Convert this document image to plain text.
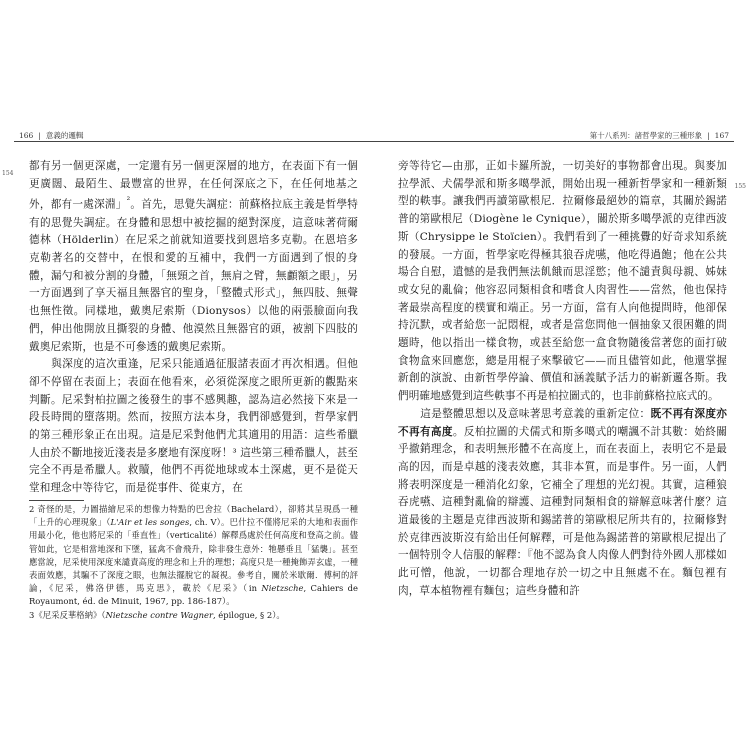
166 | 意義的邏輯
154

都有另一個更深處，一定還有另一個更深層的地方，在表面下有一個更廣闊、最陌生、最豐富的世界，在任何深底之下，在任何地基之外，都有一處深淵」$^{^2}$。首先，思覺失調症：前蘇格拉底主義是哲學特有的思覺失調症。在身體和思想中被挖掘的絕對深度，這意味著荷爾德林（Hölderlin）在尼采之前就知道要找到恩培多克勒。在恩培多克勒著名的交替中，在恨和愛的互補中，我們一方面遇到了恨的身體，漏勺和被分割的身體，「無頸之首，無肩之臂，無顱額之眼」，另一方面遇到了享天福且無器官的聖身，「整體式形式」，無四肢、無聲也無性徵。同樣地，戴奧尼索斯（Dionysos）以他的兩張臉面向我們，伸出他開放且撕裂的身體、他漠然且無器官的頭，被割下四肢的戴奧尼索斯，也是不可參透的戴奧尼索斯。

與深度的這次重逢，尼采只能通過征服諸表面才再次相遇。但他卻不停留在表面上；表面在他看來，必須從深度之眼所更新的觀點來判斷。尼采對柏拉圖之後發生的事不感興趣，認為這必然接下來是一段長時間的墮落期。然而，按照方法本身，我們卻感覺到，哲學家們的第三種形象正在出現。這是尼采對他們尤其適用的用語：這些希臘人由於不斷地接近淺表是多麼地有深度呀！³ 這些第三種希臘人，甚至完全不再是希臘人。救贖，他們不再從地球或本土深處，更不是從天堂和理念中等待它，而是從事件、從東方，在

2 奇怪的是，力圖描繪尼采的想像力特點的巴舍拉（Bachelard），卻將其呈現爲一種「上升的心理現象」（L'Air et les songes, ch. V）。巴什拉不僅將尼采的大地和表面作用最小化，他也將尼采的「垂直性」（verticalité）解釋爲處於任何高度和登高之前。儘管如此，它是相當地深和下墜，猛禽不會飛升，除非發生意外：牠懸垂且「猛襲」。甚至應當說，尼采使用深度來譴責高度的理念和上升的理想；高度只是一種掩飾弄玄虛，一種表面效應，其騙不了深度之眼，也無法擺脫它的凝視。參考自，關於米歇爾．傅柯的評論，《尼采，佛洛伊德，馬克思》，載於《尼采》（in Nietzsche, Cahiers de Royaumont, éd. de Minuit, 1967, pp. 186-187）。

3《尼采反華格納》（Nietzsche contre Wagner, épilogue, § 2）。

第十八系列：諸哲學家的三種形象 | 167
155

旁等待它—由那，正如卡羅所說，一切美好的事物都會出現。與麥加拉學派、犬儒學派和斯多噶學派，開始出現一種新哲學家和一種新類型的軼事。讓我們再讀第歐根尼．拉爾修最絕妙的篇章，其關於錫諾普的第歐根尼（Diogène le Cynique），關於斯多噶學派的克律西波斯（Chrysippe le Stoïcien）。我們看到了一種挑釁的好奇求知系統的發展。一方面，哲學家吃得極其狼吞虎嚥，他吃得過飽；他在公共場合自慰，遺憾的是我們無法飢餓而思淫慾；他不譴責與母親、姊妹或女兒的亂倫；他容忍同類相食和嗜食人肉習性——當然，他也保持著最崇高程度的樸實和端正。另一方面，當有人向他提問時，他卻保持沉默，或者給您一記悶棍，或者是當您問他一個抽象又很困難的問題時，他以指出一樣食物，或甚至給您一盒食物隨後當著您的面打破食物盒來回應您，總是用棍子來擊破它——而且儘管如此，他還掌握新創的演說、由新哲學停論、價值和涵義賦予活力的嶄新邏各斯。我們明確地感覺到這些軼事不再是柏拉圖式的，也非前蘇格拉底式的。

這是整體思想以及意味著思考意義的重新定位：既不再有深度亦不再有高度。反柏拉圖的犬儒式和斯多噶式的嘲諷不計其數：始終關乎撤銷理念，和表明無形體不在高度上，而在表面上，表明它不是最高的因，而是卓越的淺表效應，其非本質，而是事件。另一面，人們將表明深度是一種消化幻象，它補全了理想的光幻視。其實，這種狼吞虎嚥、這種對亂倫的辯護、這種對同類相食的辯解意味著什麼？這道最後的主題是克律西波斯和錫諾普的第歐根尼所共有的，拉爾修對於克律西波斯沒有給出任何解釋，可是他為錫諾普的第歐根尼提出了一個特別令人信服的解釋：『他不認為食人肉像人們對待外國人那樣如此可憎，他說，一切都合理地存於一切之中且無處不在。麵包裡有肉，草本植物裡有麵包；這些身體和許
